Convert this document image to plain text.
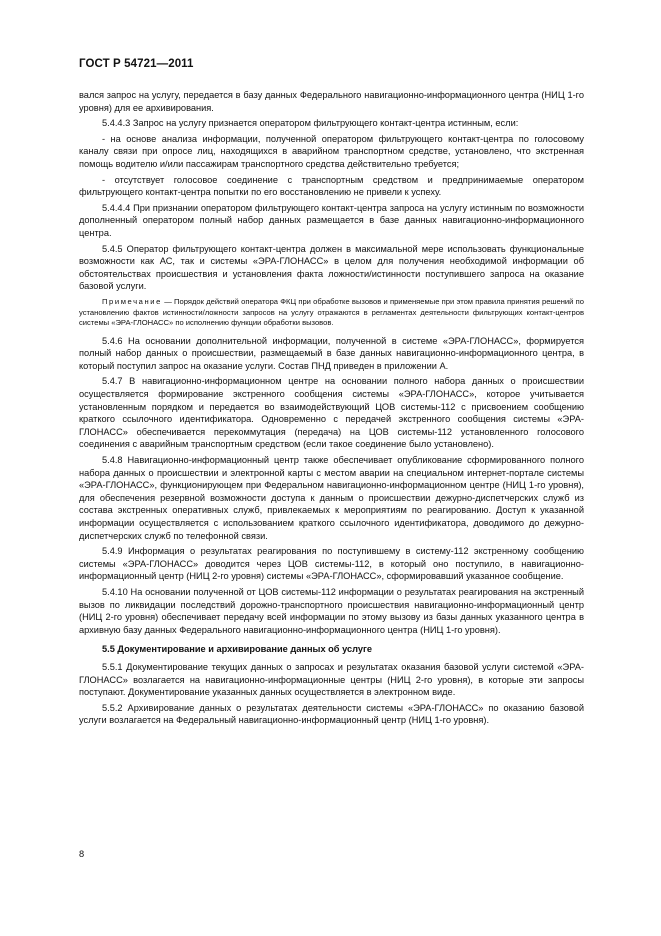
ГОСТ Р 54721—2011

вался запрос на услугу, передается в базу данных Федерального навигационно-информационного центра (НИЦ 1-го уровня) для ее архивирования.

5.4.4.3 Запрос на услугу признается оператором фильтрующего контакт-центра истинным, если:

- на основе анализа информации, полученной оператором фильтрующего контакт-центра по голосовому каналу связи при опросе лиц, находящихся в аварийном транспортном средстве, установлено, что экстренная помощь водителю и/или пассажирам транспортного средства действительно требуется;

- отсутствует голосовое соединение с транспортным средством и предпринимаемые оператором фильтрующего контакт-центра попытки по его восстановлению не привели к успеху.

5.4.4.4 При признании оператором фильтрующего контакт-центра запроса на услугу истинным по возможности дополненный оператором полный набор данных размещается в базе данных навигационно-информационного центра.

5.4.5 Оператор фильтрующего контакт-центра должен в максимальной мере использовать функциональные возможности как АС, так и системы «ЭРА-ГЛОНАСС» в целом для получения необходимой информации об обстоятельствах происшествия и установления факта ложности/истинности поступившего запроса на оказание базовой услуги.

Примечание — Порядок действий оператора ФКЦ при обработке вызовов и применяемые при этом правила принятия решений по установлению фактов истинности/ложности запросов на услугу отражаются в регламентах деятельности фильтрующих контакт-центров системы «ЭРА-ГЛОНАСС» по исполнению функции обработки вызовов.

5.4.6 На основании дополнительной информации, полученной в системе «ЭРА-ГЛОНАСС», формируется полный набор данных о происшествии, размещаемый в базе данных навигационно-информационного центра, в который поступил запрос на оказание услуги. Состав ПНД приведен в приложении А.

5.4.7 В навигационно-информационном центре на основании полного набора данных о происшествии осуществляется формирование экстренного сообщения системы «ЭРА-ГЛОНАСС», которое учитывается установленным порядком и передается во взаимодействующий ЦОВ системы-112 с присвоением сообщению краткого ссылочного идентификатора. Одновременно с передачей экстренного сообщения системы «ЭРА-ГЛОНАСС» обеспечивается перекоммутация (передача) на ЦОВ системы-112 установленного голосового соединения с аварийным транспортным средством (если такое соединение было установлено).

5.4.8 Навигационно-информационный центр также обеспечивает опубликование сформированного полного набора данных о происшествии и электронной карты с местом аварии на специальном интернет-портале системы «ЭРА-ГЛОНАСС», функционирующем при Федеральном навигационно-информационном центре (НИЦ 1-го уровня), для обеспечения резервной возможности доступа к данным о происшествии дежурно-диспетчерских служб из состава экстренных оперативных служб, привлекаемых к мероприятиям по реагированию. Доступ к указанной информации осуществляется с использованием краткого ссылочного идентификатора, доводимого до дежурно-диспетчерских служб по телефонной связи.

5.4.9 Информация о результатах реагирования по поступившему в систему-112 экстренному сообщению системы «ЭРА-ГЛОНАСС» доводится через ЦОВ системы-112, в который оно поступило, в навигационно-информационный центр (НИЦ 2-го уровня) системы «ЭРА-ГЛОНАСС», сформировавший указанное сообщение.

5.4.10 На основании полученной от ЦОВ системы-112 информации о результатах реагирования на экстренный вызов по ликвидации последствий дорожно-транспортного происшествия навигационно-информационный центр (НИЦ 2-го уровня) обеспечивает передачу всей информации по этому вызову из базы данных указанного центра в архивную базу данных Федерального навигационно-информационного центра (НИЦ 1-го уровня).

5.5 Документирование и архивирование данных об услуге

5.5.1 Документирование текущих данных о запросах и результатах оказания базовой услуги системой «ЭРА-ГЛОНАСС» возлагается на навигационно-информационные центры (НИЦ 2-го уровня), в которые эти запросы поступают. Документирование указанных данных осуществляется в электронном виде.

5.5.2 Архивирование данных о результатах деятельности системы «ЭРА-ГЛОНАСС» по оказанию базовой услуги возлагается на Федеральный навигационно-информационный центр (НИЦ 1-го уровня).

8
